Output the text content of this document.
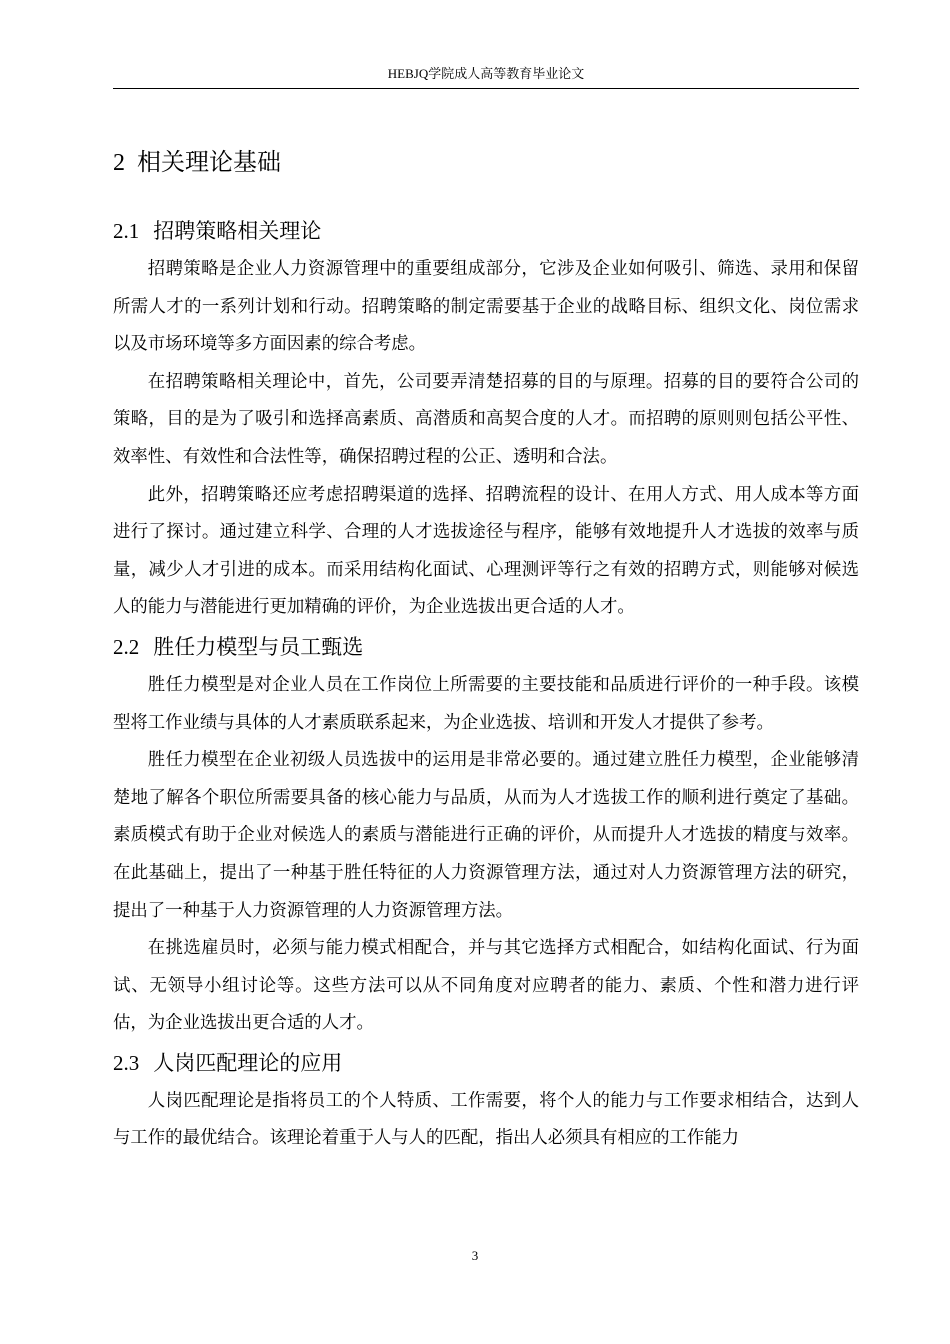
HEBJQ学院成人高等教育毕业论文
2 相关理论基础
2.1 招聘策略相关理论

招聘策略是企业人力资源管理中的重要组成部分，它涉及企业如何吸引、筛选、录用和保留所需人才的一系列计划和行动。招聘策略的制定需要基于企业的战略目标、组织文化、岗位需求以及市场环境等多方面因素的综合考虑。

在招聘策略相关理论中，首先，公司要弄清楚招募的目的与原理。招募的目的要符合公司的策略，目的是为了吸引和选择高素质、高潜质和高契合度的人才。而招聘的原则则包括公平性、效率性、有效性和合法性等，确保招聘过程的公正、透明和合法。

此外，招聘策略还应考虑招聘渠道的选择、招聘流程的设计、在用人方式、用人成本等方面进行了探讨。通过建立科学、合理的人才选拔途径与程序，能够有效地提升人才选拔的效率与质量，减少人才引进的成本。而采用结构化面试、心理测评等行之有效的招聘方式，则能够对候选人的能力与潜能进行更加精确的评价，为企业选拔出更合适的人才。

2.2 胜任力模型与员工甄选

胜任力模型是对企业人员在工作岗位上所需要的主要技能和品质进行评价的一种手段。该模型将工作业绩与具体的人才素质联系起来，为企业选拔、培训和开发人才提供了参考。

胜任力模型在企业初级人员选拔中的运用是非常必要的。通过建立胜任力模型，企业能够清楚地了解各个职位所需要具备的核心能力与品质，从而为人才选拔工作的顺利进行奠定了基础。素质模式有助于企业对候选人的素质与潜能进行正确的评价，从而提升人才选拔的精度与效率。在此基础上，提出了一种基于胜任特征的人力资源管理方法，通过对人力资源管理方法的研究，提出了一种基于人力资源管理的人力资源管理方法。

在挑选雇员时，必须与能力模式相配合，并与其它选择方式相配合，如结构化面试、行为面试、无领导小组讨论等。这些方法可以从不同角度对应聘者的能力、素质、个性和潜力进行评估，为企业选拔出更合适的人才。

2.3 人岗匹配理论的应用

人岗匹配理论是指将员工的个人特质、工作需要，将个人的能力与工作要求相结合，达到人与工作的最优结合。该理论着重于人与人的匹配，指出人必须具有相应的工作能力

3
